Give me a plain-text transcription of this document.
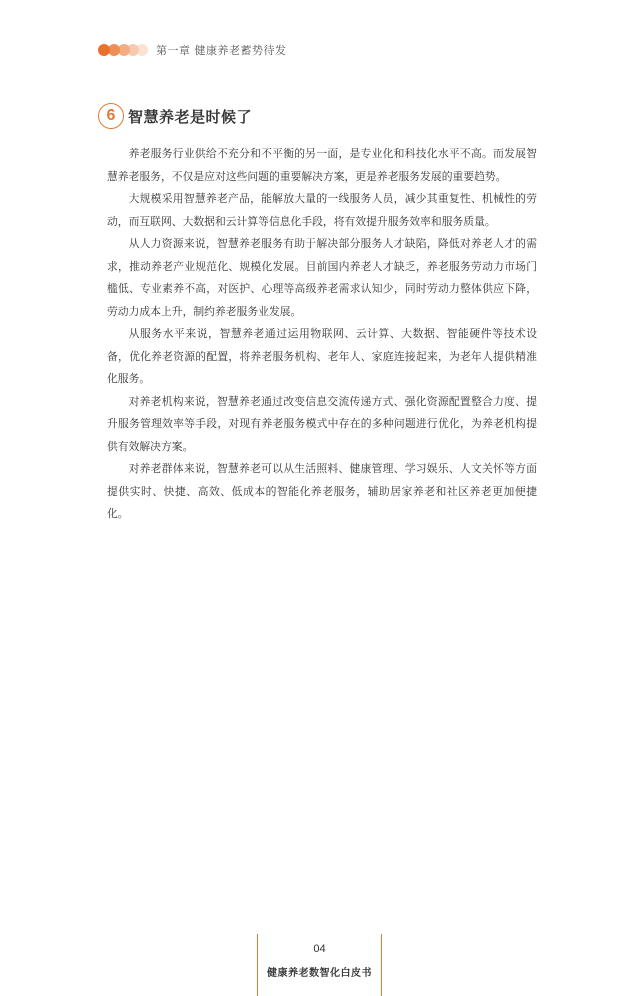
第一章 健康养老蓄势待发
6 智慧养老是时候了

养老服务行业供给不充分和不平衡的另一面，是专业化和科技化水平不高。而发展智慧养老服务，不仅是应对这些问题的重要解决方案，更是养老服务发展的重要趋势。

大规模采用智慧养老产品，能解放大量的一线服务人员，减少其重复性、机械性的劳动，而互联网、大数据和云计算等信息化手段，将有效提升服务效率和服务质量。

从人力资源来说，智慧养老服务有助于解决部分服务人才缺陷，降低对养老人才的需求，推动养老产业规范化、规模化发展。目前国内养老人才缺乏，养老服务劳动力市场门槛低、专业素养不高，对医护、心理等高级养老需求认知少，同时劳动力整体供应下降，劳动力成本上升，制约养老服务业发展。

从服务水平来说，智慧养老通过运用物联网、云计算、大数据、智能硬件等技术设备，优化养老资源的配置，将养老服务机构、老年人、家庭连接起来，为老年人提供精准化服务。

对养老机构来说，智慧养老通过改变信息交流传递方式、强化资源配置整合力度、提升服务管理效率等手段，对现有养老服务模式中存在的多种问题进行优化，为养老机构提供有效解决方案。

对养老群体来说，智慧养老可以从生活照料、健康管理、学习娱乐、人文关怀等方面提供实时、快捷、高效、低成本的智能化养老服务，辅助居家养老和社区养老更加便捷化。

04
健康养老数智化白皮书
